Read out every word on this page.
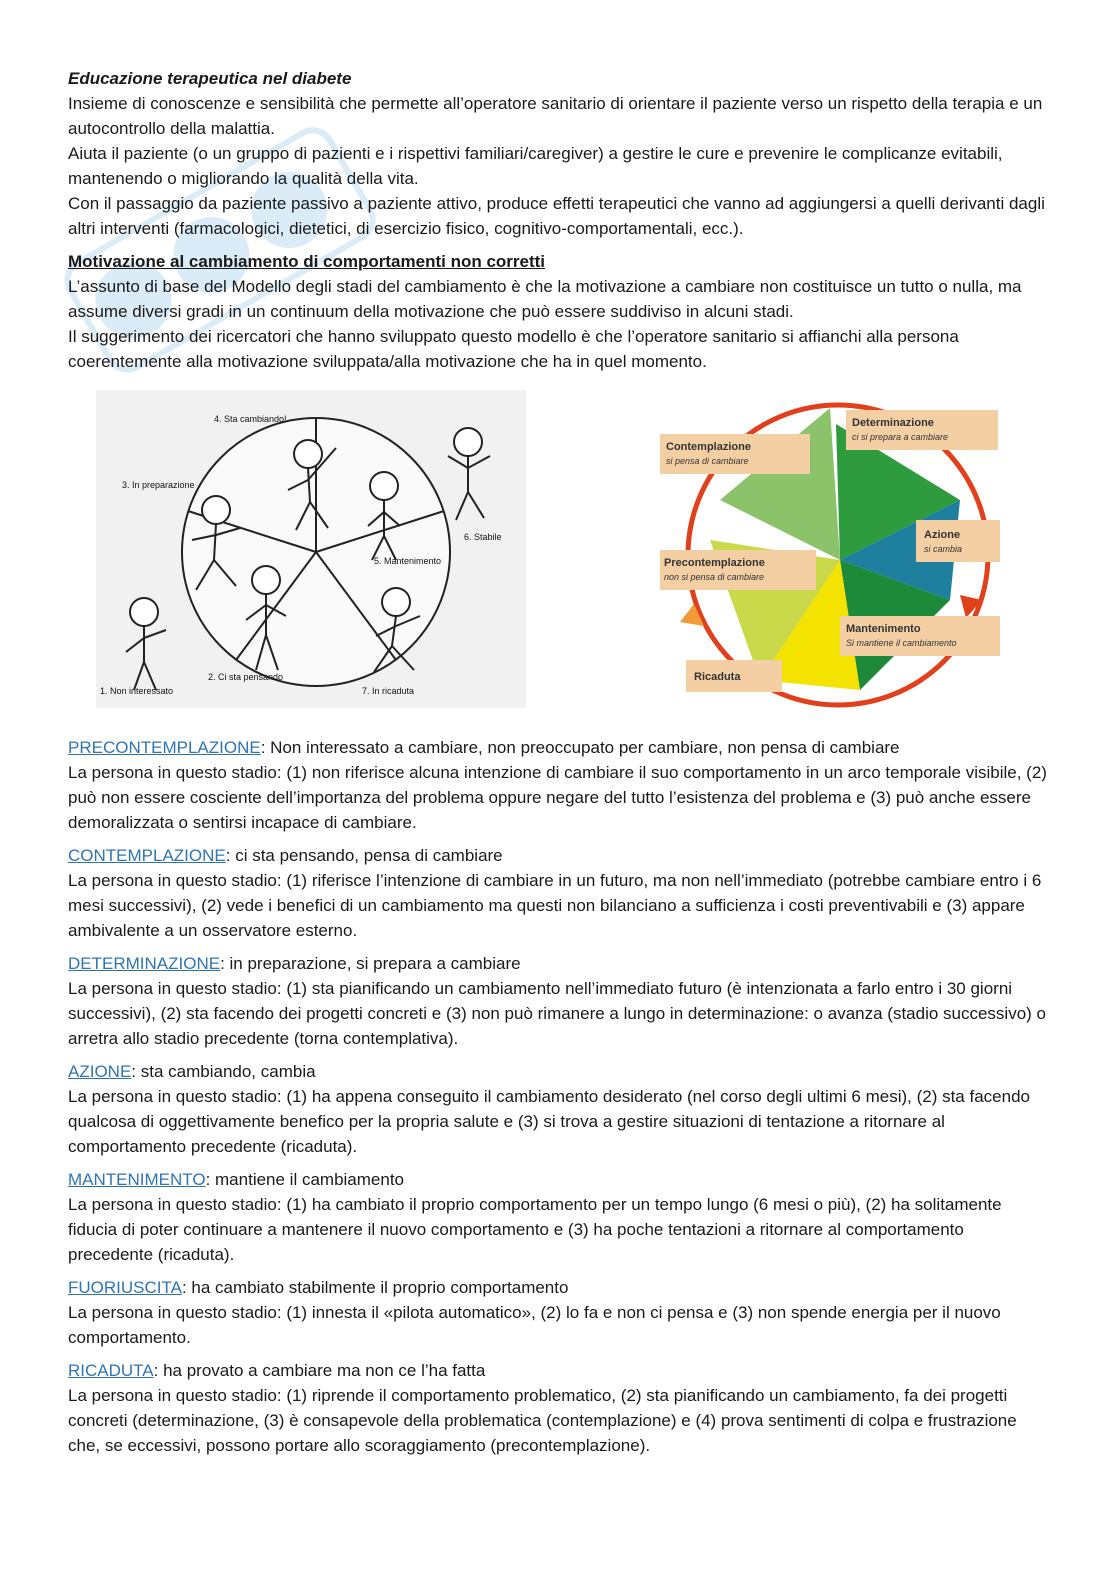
Educazione terapeutica nel diabete

Insieme di conoscenze e sensibilità che permette all’operatore sanitario di orientare il paziente verso un rispetto della terapia e un autocontrollo della malattia.

Aiuta il paziente (o un gruppo di pazienti e i rispettivi familiari/caregiver) a gestire le cure e prevenire le complicanze evitabili, mantenendo o migliorando la qualità della vita.

Con il passaggio da paziente passivo a paziente attivo, produce effetti terapeutici che vanno ad aggiungersi a quelli derivanti dagli altri interventi (farmacologici, dietetici, di esercizio fisico, cognitivo-comportamentali, ecc.).

Motivazione al cambiamento di comportamenti non corretti

L’assunto di base del Modello degli stadi del cambiamento è che la motivazione a cambiare non costituisce un tutto o nulla, ma assume diversi gradi in un continuum della motivazione che può essere suddiviso in alcuni stadi.

Il suggerimento dei ricercatori che hanno sviluppato questo modello è che l’operatore sanitario si affianchi alla persona coerentemente alla motivazione sviluppata/alla motivazione che ha in quel momento.

1. Non interessato
2. Ci sta pensando
3. In preparazione
4. Sta cambiando!
5. Mantenimento
6. Stabile
7. In ricaduta
Contemplazione
si pensa di cambiare
Determinazione
ci si prepara a cambiare
Azione
si cambia
Precontemplazione
non si pensa di cambiare
Mantenimento
Si mantiene il cambiamento
Ricaduta

PRECONTEMPLAZIONE: Non interessato a cambiare, non preoccupato per cambiare, non pensa di cambiare

La persona in questo stadio: (1) non riferisce alcuna intenzione di cambiare il suo comportamento in un arco temporale visibile, (2) può non essere cosciente dell’importanza del problema oppure negare del tutto l’esistenza del problema e (3) può anche essere demoralizzata o sentirsi incapace di cambiare.

CONTEMPLAZIONE: ci sta pensando, pensa di cambiare

La persona in questo stadio: (1) riferisce l’intenzione di cambiare in un futuro, ma non nell’immediato (potrebbe cambiare entro i 6 mesi successivi), (2) vede i benefici di un cambiamento ma questi non bilanciano a sufficienza i costi preventivabili e (3) appare ambivalente a un osservatore esterno.

DETERMINAZIONE: in preparazione, si prepara a cambiare

La persona in questo stadio: (1) sta pianificando un cambiamento nell’immediato futuro (è intenzionata a farlo entro i 30 giorni successivi), (2) sta facendo dei progetti concreti e (3) non può rimanere a lungo in determinazione: o avanza (stadio successivo) o arretra allo stadio precedente (torna contemplativa).

AZIONE: sta cambiando, cambia

La persona in questo stadio: (1) ha appena conseguito il cambiamento desiderato (nel corso degli ultimi 6 mesi), (2) sta facendo qualcosa di oggettivamente benefico per la propria salute e (3) si trova a gestire situazioni di tentazione a ritornare al comportamento precedente (ricaduta).

MANTENIMENTO: mantiene il cambiamento

La persona in questo stadio: (1) ha cambiato il proprio comportamento per un tempo lungo (6 mesi o più), (2) ha solitamente fiducia di poter continuare a mantenere il nuovo comportamento e (3) ha poche tentazioni a ritornare al comportamento precedente (ricaduta).

FUORIUSCITA: ha cambiato stabilmente il proprio comportamento

La persona in questo stadio: (1) innesta il «pilota automatico», (2) lo fa e non ci pensa e (3) non spende energia per il nuovo comportamento.

RICADUTA: ha provato a cambiare ma non ce l’ha fatta

La persona in questo stadio: (1) riprende il comportamento problematico, (2) sta pianificando un cambiamento, fa dei progetti concreti (determinazione, (3) è consapevole della problematica (contemplazione) e (4) prova sentimenti di colpa e frustrazione che, se eccessivi, possono portare allo scoraggiamento (precontemplazione).
